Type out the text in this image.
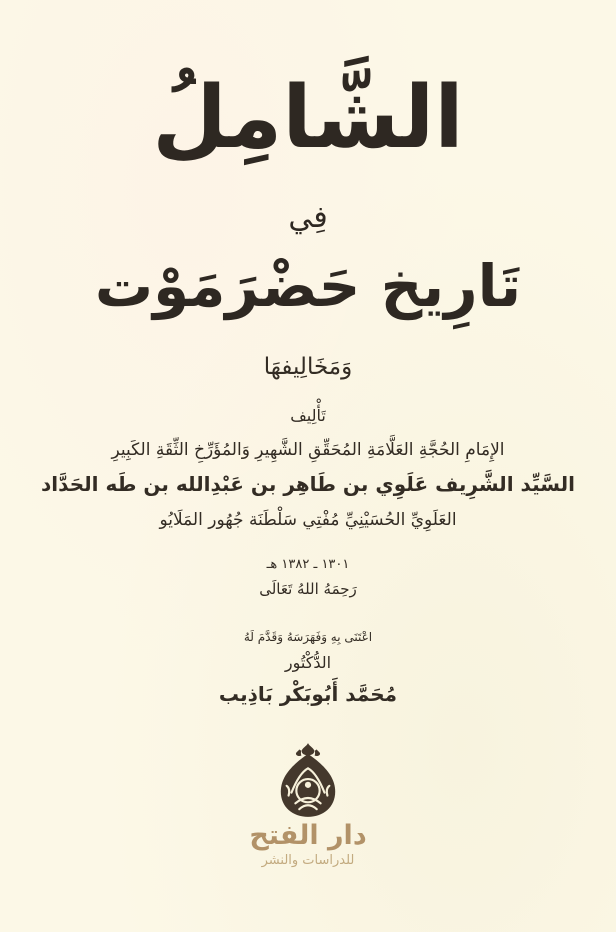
الشَّامِلُ
فِي
تَارِيخ حَضْرَمَوْت
وَمَخَالِيفهَا
تَأْلِيف
الإِمَامِ الحُجَّةِ العَلَّامَةِ المُحَقِّقِ الشَّهِيرِ وَالمُؤَرِّخِ الثِّقَةِ الكَبِيرِ
السَّيِّد الشَّرِيف عَلَوِي بن طَاهِر بن عَبْدِالله بن طَه الحَدَّاد
العَلَوِيِّ الحُسَيْنِيِّ مُفْتِي سَلْطَنَة جُهُور المَلَايُو
١٣٠١ ـ ١٣٨٢ هـ
رَحِمَهُ اللهُ تَعَالَى
اعْتَنَى بِهِ وَفَهَرَسَهُ وَقَدَّمَ لَهُ
الدُّكْتُور
مُحَمَّد أَبُوبَكْر بَاذِيب
دار الفتح
للدراسات والنشر
